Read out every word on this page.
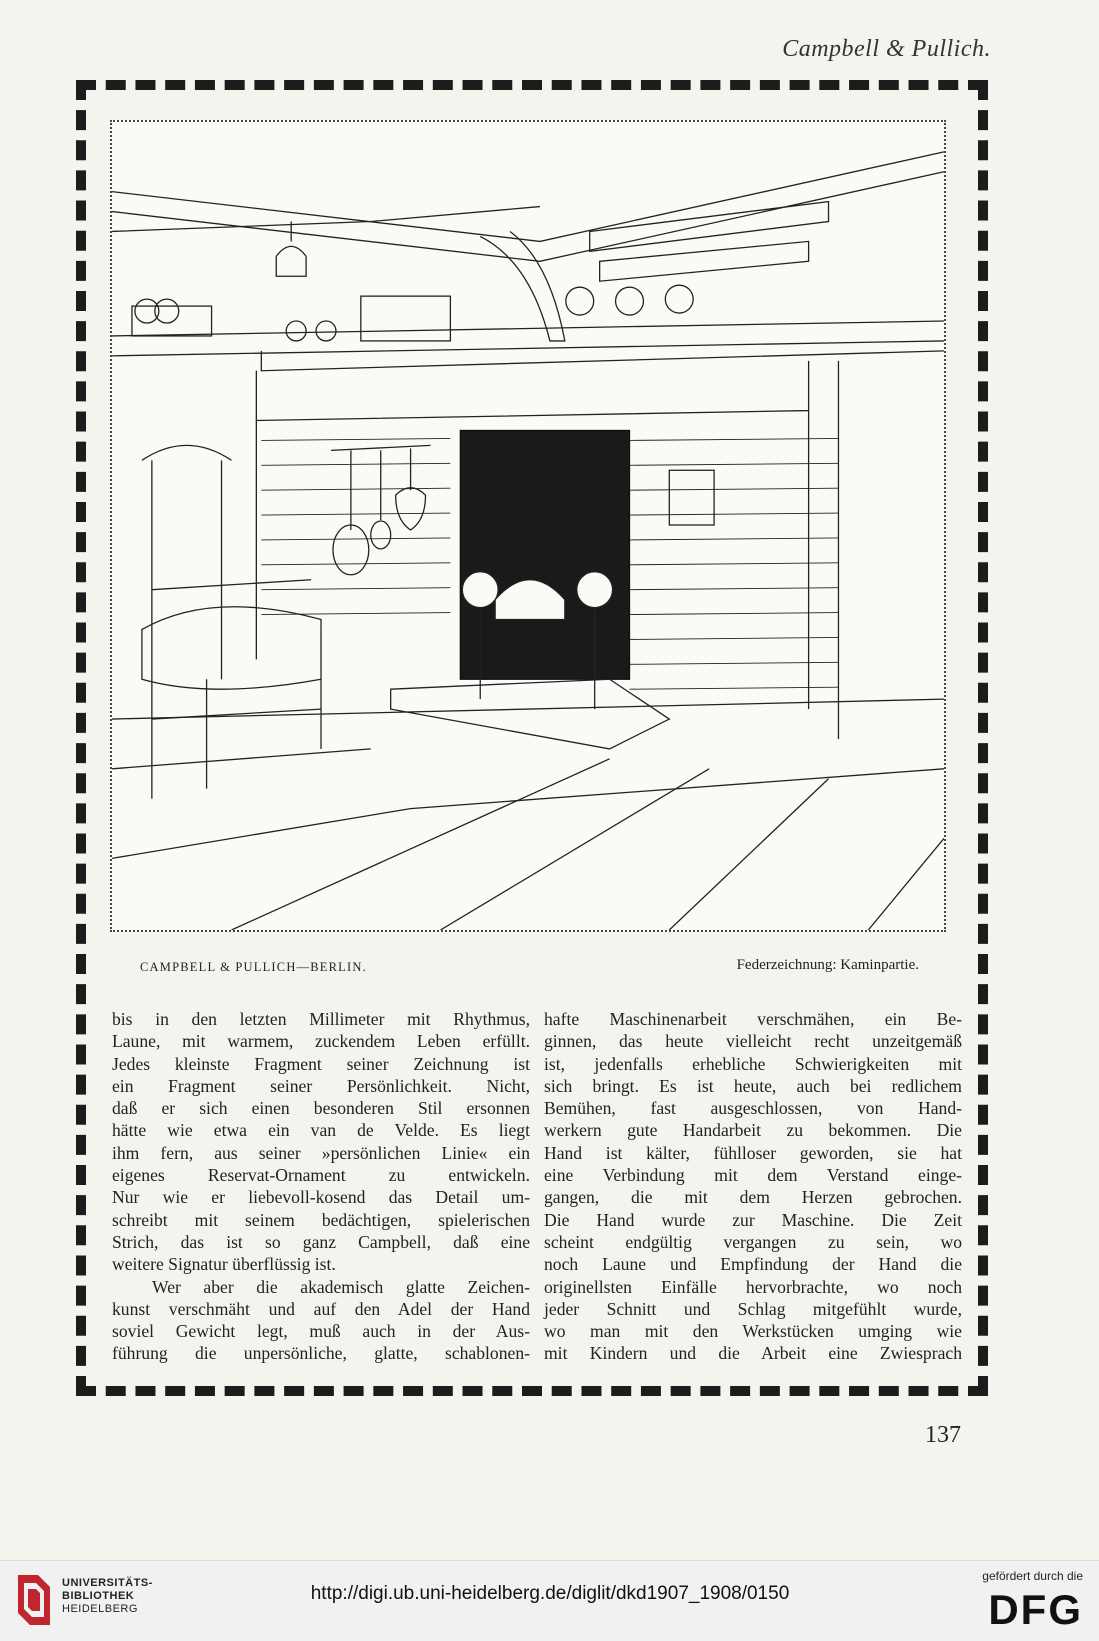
Campbell & Pullich.
CAMPBELL & PULLICH—BERLIN.	Federzeichnung: Kaminpartie.
bis in den letzten Millimeter mit Rhythmus,
Laune, mit warmem, zuckendem Leben erfüllt.
Jedes kleinste Fragment seiner Zeichnung ist
ein Fragment seiner Persönlichkeit. Nicht,
daß er sich einen besonderen Stil ersonnen
hätte wie etwa ein van de Velde. Es liegt
ihm fern, aus seiner »persönlichen Linie« ein
eigenes Reservat-Ornament zu entwickeln.
Nur wie er liebevoll-kosend das Detail um-
schreibt mit seinem bedächtigen, spielerischen
Strich, das ist so ganz Campbell, daß eine
weitere Signatur überflüssig ist.
Wer aber die akademisch glatte Zeichen-
kunst verschmäht und auf den Adel der Hand
soviel Gewicht legt, muß auch in der Aus-
führung die unpersönliche, glatte, schablonen-
hafte Maschinenarbeit verschmähen, ein Be-
ginnen, das heute vielleicht recht unzeitgemäß
ist, jedenfalls erhebliche Schwierigkeiten mit
sich bringt. Es ist heute, auch bei redlichem
Bemühen, fast ausgeschlossen, von Hand-
werkern gute Handarbeit zu bekommen. Die
Hand ist kälter, fühlloser geworden, sie hat
eine Verbindung mit dem Verstand einge-
gangen, die mit dem Herzen gebrochen.
Die Hand wurde zur Maschine. Die Zeit
scheint endgültig vergangen zu sein, wo
noch Laune und Empfindung der Hand die
originellsten Einfälle hervorbrachte, wo noch
jeder Schnitt und Schlag mitgefühlt wurde,
wo man mit den Werkstücken umging wie
mit Kindern und die Arbeit eine Zwiesprach
137
UNIVERSITÄTS-
BIBLIOTHEK
HEIDELBERG
http://digi.ub.uni-heidelberg.de/diglit/dkd1907_1908/0150
gefördert durch die
DFG
